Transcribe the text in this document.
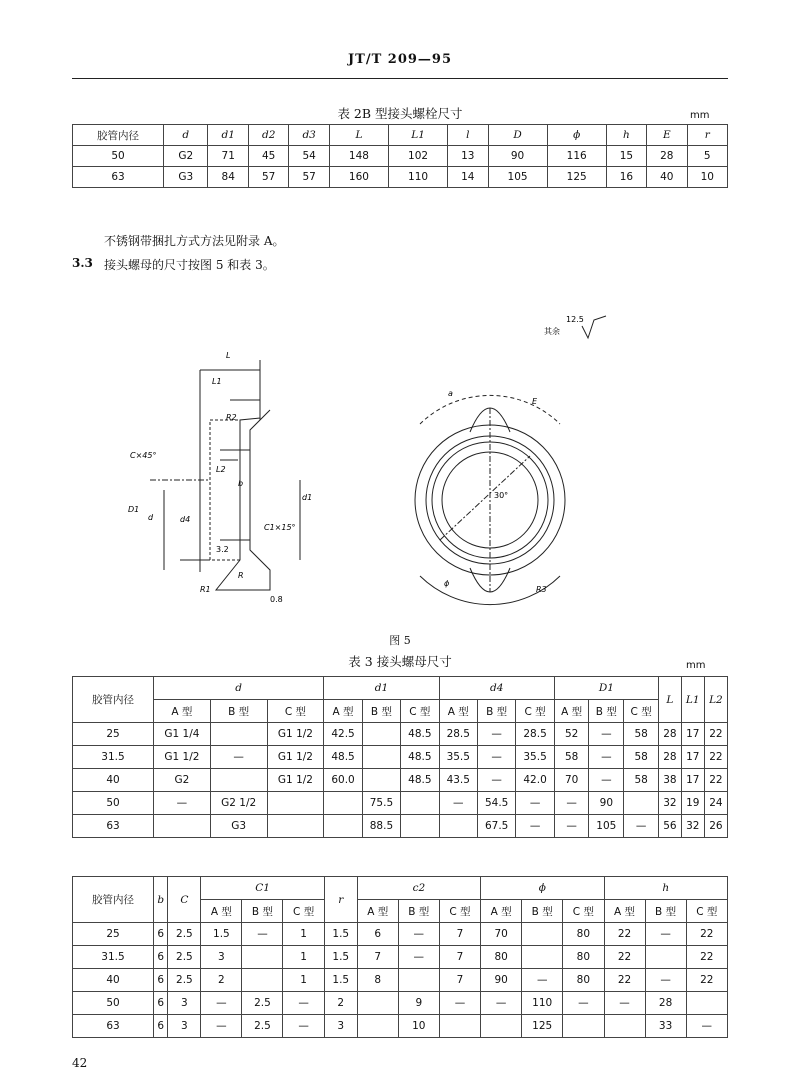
JT/T 209—95
表 2B 型接头螺栓尺寸	mm
胶管内径	d	d1	d2	d3	L	L1	l	D	ϕ	h	E	r
50	G2	71	45	54	148	102	13	90	116	15	28	5
63	G3	84	57	57	160	110	14	105	125	16	40	10
不锈钢带捆扎方式方法见附录 A。
3.3 接头螺母的尺寸按图 5 和表 3。
其余
12.5
L
L1
L2
R2
b
C×45°
C1×15°
D1
d
d1
d4
R
R1
3.2
0.8
E
R3
ϕ
30°
a
图 5
表 3 接头螺母尺寸	mm
胶管内径	d			d1			d4			D1			L	L1	L2
	A 型	B 型	C 型	A 型	B 型	C 型	A 型	B 型	C 型	A 型	B 型	C 型			
25	G1 1/4		G1 1/2	42.5		48.5	28.5	—	28.5	52	—	58	28	17	22
31.5	G1 1/2	—	G1 1/2	48.5		48.5	35.5	—	35.5	58	—	58	28	17	22
40	G2		G1 1/2	60.0		48.5	43.5	—	42.0	70	—	58	38	17	22
50	—	G2 1/2			75.5		—	54.5	—	—	90		32	19	24
63		G3			88.5			67.5	—	—	105	—	56	32	26
胶管内径	b	C	C1			r	c2			ϕ			h		
			A 型	B 型	C 型		A 型	B 型	C 型	A 型	B 型	C 型	A 型	B 型	C 型
25	6	2.5	1.5	—	1	1.5	6	—	7	70		80	22	—	22
31.5	6	2.5	3		1	1.5	7	—	7	80		80	22		22
40	6	2.5	2		1	1.5	8		7	90	—	80	22	—	22
50	6	3	—	2.5	—	2		9	—	—	110	—	—	28	
63	6	3	—	2.5	—	3		10			125			33	—
42
